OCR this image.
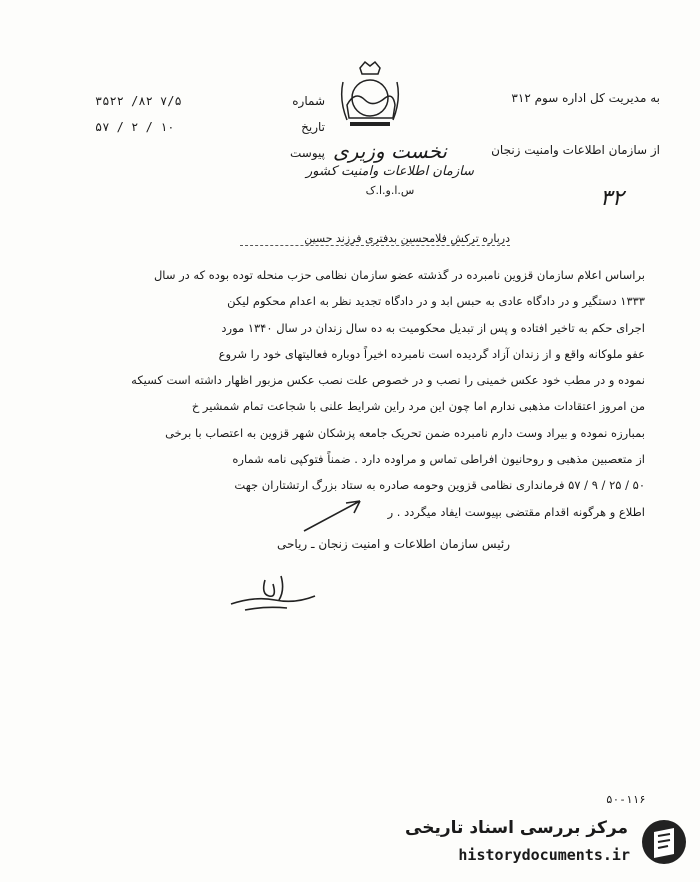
به مدیریت کل اداره سوم ۳۱۲
از سازمان اطلاعات وامنیت زنجان
شماره
۷/۵ ۸۲/ ۳۵۲۲
تاریخ
۱۰ / ۲ / ۵۷
پیوست نخست وزیری
سازمان اطلاعات وامنیت کشور
س.ا.و.ا.ک	۳۲
درباره ترکش فلامحسین بدفتری فرزند حسین

براساس اعلام سازمان قزوین نامبرده در گذشته عضو سازمان نظامی حزب منحله توده بوده که در سال

۱۳۳۳ دستگیر و در دادگاه عادی به حبس ابد و در دادگاه تجدید نظر به اعدام محکوم لیکن

اجرای حکم به تاخیر افتاده و پس از تبدیل محکومیت به ده سال زندان در سال ۱۳۴۰ مورد

عفو ملوکانه واقع و از زندان آزاد گردیده است نامبرده اخیراً دوباره فعالیتهای خود را شروع

نموده و در مطب خود عکس خمینی را نصب و در خصوص علت نصب عکس مزبور اظهار داشته است کسیکه

من امروز اعتقادات مذهبی ندارم اما چون این مرد راین شرایط علنی با شجاعت تمام شمشیر خ

بمبارزه نموده و بیراد وست دارم نامبرده ضمن تحریک جامعه پزشکان شهر قزوین به اعتصاب با برخی

از متعصبین مذهبی و روحانیون افراطی تماس و مراوده دارد . ضمناً فتوکپی نامه شماره

۵۰ / ۲۵ / ۹ / ۵۷ فرمانداری نظامی قزوین وحومه صادره به ستاد بزرگ ارتشتاران جهت

اطلاع و هرگونه اقدام مقتضی بپیوست ایفاد میگردد . ر

رئیس سازمان اطلاعات و امنیت زنجان ـ ریاحی
۵۰-۱۱۶
مرکز بررسی اسناد تاریخی
historydocuments.ir
